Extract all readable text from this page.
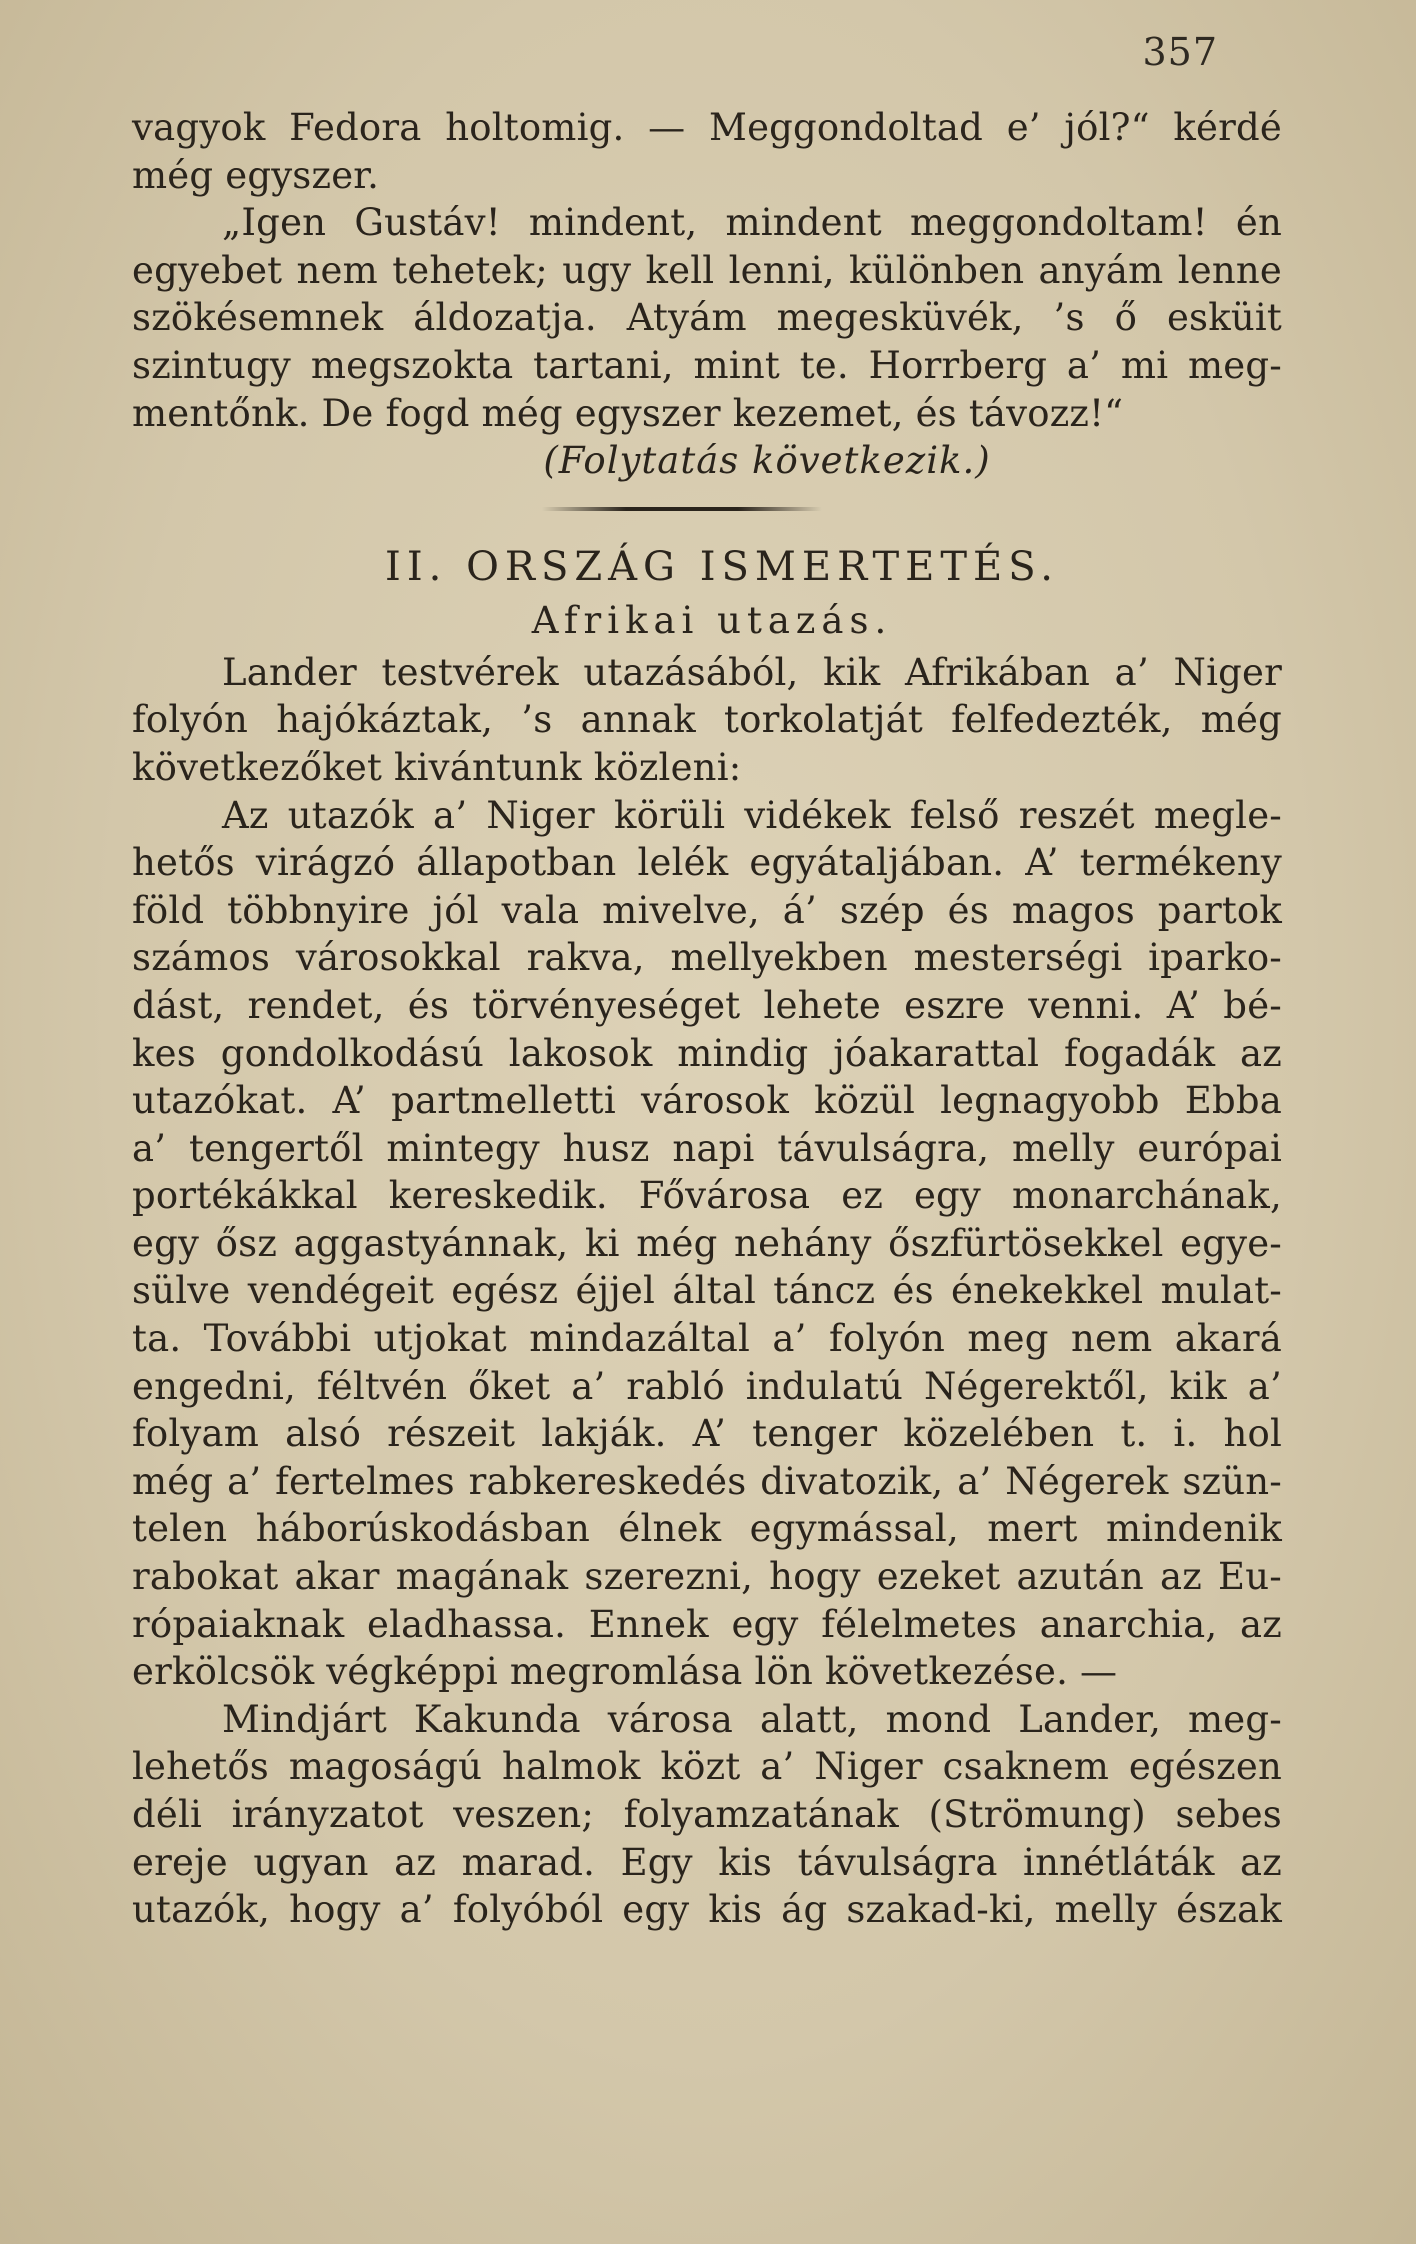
357
vagyok Fedora holtomig. — Meggondoltad e’ jól?“ kérdé
még egyszer.
„Igen Gustáv! mindent, mindent meggondoltam! én
egyebet nem tehetek; ugy kell lenni, különben anyám lenne
szökésemnek áldozatja. Atyám megesküvék, ’s ő esküit
szintugy megszokta tartani, mint te. Horrberg a’ mi meg-
mentőnk. De fogd még egyszer kezemet, és távozz!“
(Folytatás következik.)
II. ORSZÁG ISMERTETÉS.
Afrikai utazás.
Lander testvérek utazásából, kik Afrikában a’ Niger
folyón hajókáztak, ’s annak torkolatját felfedezték, még
következőket kivántunk közleni:
Az utazók a’ Niger körüli vidékek felső reszét megle-
hetős virágzó állapotban lelék egyátaljában. A’ termékeny
föld többnyire jól vala mivelve, á’ szép és magos partok
számos városokkal rakva, mellyekben mesterségi iparko-
dást, rendet, és törvényeséget lehete eszre venni. A’ bé-
kes gondolkodású lakosok mindig jóakarattal fogadák az
utazókat. A’ partmelletti városok közül legnagyobb Ebba
a’ tengertől mintegy husz napi távulságra, melly európai
portékákkal kereskedik. Fővárosa ez egy monarchának,
egy ősz aggastyánnak, ki még nehány őszfürtösekkel egye-
sülve vendégeit egész éjjel által táncz és énekekkel mulat-
ta. További utjokat mindazáltal a’ folyón meg nem akará
engedni, féltvén őket a’ rabló indulatú Négerektől, kik a’
folyam alsó részeit lakják. A’ tenger közelében t. i. hol
még a’ fertelmes rabkereskedés divatozik, a’ Négerek szün-
telen háborúskodásban élnek egymással, mert mindenik
rabokat akar magának szerezni, hogy ezeket azután az Eu-
rópaiaknak eladhassa. Ennek egy félelmetes anarchia, az
erkölcsök végképpi megromlása lön következése. —
Mindjárt Kakunda városa alatt, mond Lander, meg-
lehetős magoságú halmok közt a’ Niger csaknem egészen
déli irányzatot veszen; folyamzatának (Strömung) sebes
ereje ugyan az marad. Egy kis távulságra innétláták az
utazók, hogy a’ folyóból egy kis ág szakad-ki, melly észak
